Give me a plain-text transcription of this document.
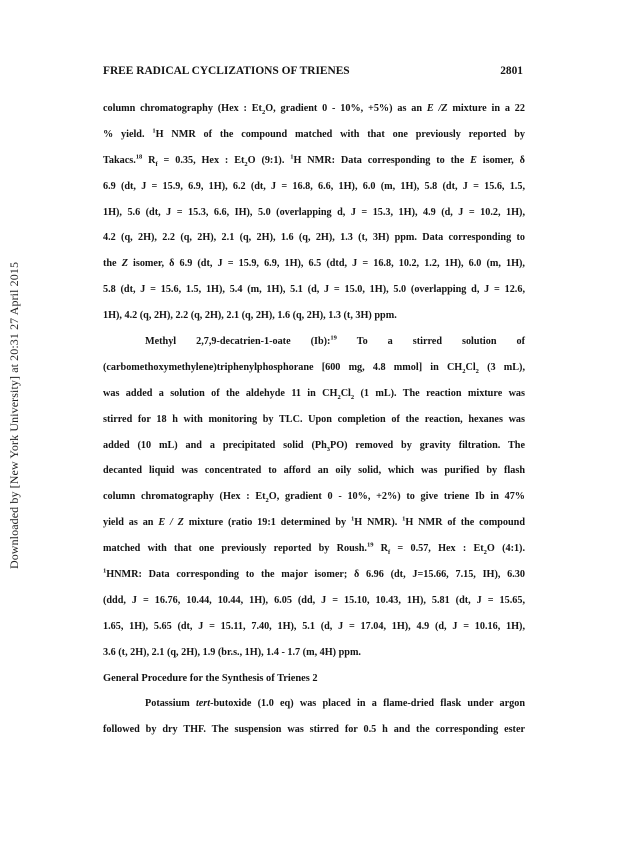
Downloaded by [New York University] at 20:31 27 April 2015
FREE RADICAL CYCLIZATIONS OF TRIENES	2801
column chromatography (Hex : $Et_2O$, gradient 0 - 10%, +5%) as an E /Z mixture in a 22
% yield. $^1$H NMR of the compound matched with that one previously reported by
Takacs.$^{18}$ $R_f = 0.35$, Hex : $Et_2O$ (9:1). $^1$H NMR: Data corresponding to the E isomer, δ
6.9 (dt, J = 15.9, 6.9, 1H), 6.2 (dt, J = 16.8, 6.6, 1H), 6.0 (m, 1H), 5.8 (dt, J = 15.6, 1.5,
1H), 5.6 (dt, J = 15.3, 6.6, IH), 5.0 (overlapping d, J = 15.3, 1H), 4.9 (d, J = 10.2, 1H),
4.2 (q, 2H), 2.2 (q, 2H), 2.1 (q, 2H), 1.6 (q, 2H), 1.3 (t, 3H) ppm. Data corresponding to
the Z isomer, δ 6.9 (dt, J = 15.9, 6.9, 1H), 6.5 (dtd, J = 16.8, 10.2, 1.2, 1H), 6.0 (m, 1H),
5.8 (dt, J = 15.6, 1.5, 1H), 5.4 (m, 1H), 5.1 (d, J = 15.0, 1H), 5.0 (overlapping d, J = 12.6,
1H), 4.2 (q, 2H), 2.2 (q, 2H), 2.1 (q, 2H), 1.6 (q, 2H), 1.3 (t, 3H) ppm.
Methyl 2,7,9-decatrien-1-oate (Ib):$^{19}$ To a stirred solution of
(carbomethoxymethylene)triphenylphosphorane [600 mg, 4.8 mmol] in $CH_2Cl_2$ (3 mL),
was added a solution of the aldehyde 11 in $CH_2Cl_2$ (1 mL). The reaction mixture was
stirred for 18 h with monitoring by TLC. Upon completion of the reaction, hexanes was
added (10 mL) and a precipitated solid $(Ph_3PO)$ removed by gravity filtration. The
decanted liquid was concentrated to afford an oily solid, which was purified by flash
column chromatography (Hex : $Et_2O$, gradient 0 - 10%, +2%) to give triene Ib in 47%
yield as an E / Z mixture (ratio 19:1 determined by $^1$H NMR). $^1$H NMR of the compound
matched with that one previously reported by Roush.$^{19}$ $R_f = 0.57$, Hex : $Et_2O$ (4:1).
$^1$HNMR: Data corresponding to the major isomer; δ 6.96 (dt, J=15.66, 7.15, IH), 6.30
(ddd, J = 16.76, 10.44, 10.44, 1H), 6.05 (dd, J = 15.10, 10.43, 1H), 5.81 (dt, J = 15.65,
1.65, 1H), 5.65 (dt, J = 15.11, 7.40, 1H), 5.1 (d, J = 17.04, 1H), 4.9 (d, J = 10.16, 1H),
3.6 (t, 2H), 2.1 (q, 2H), 1.9 (br.s., 1H), 1.4 - 1.7 (m, 4H) ppm.
General Procedure for the Synthesis of Trienes 2
Potassium tert-butoxide (1.0 eq) was placed in a flame-dried flask under argon
followed by dry THF. The suspension was stirred for 0.5 h and the corresponding ester
